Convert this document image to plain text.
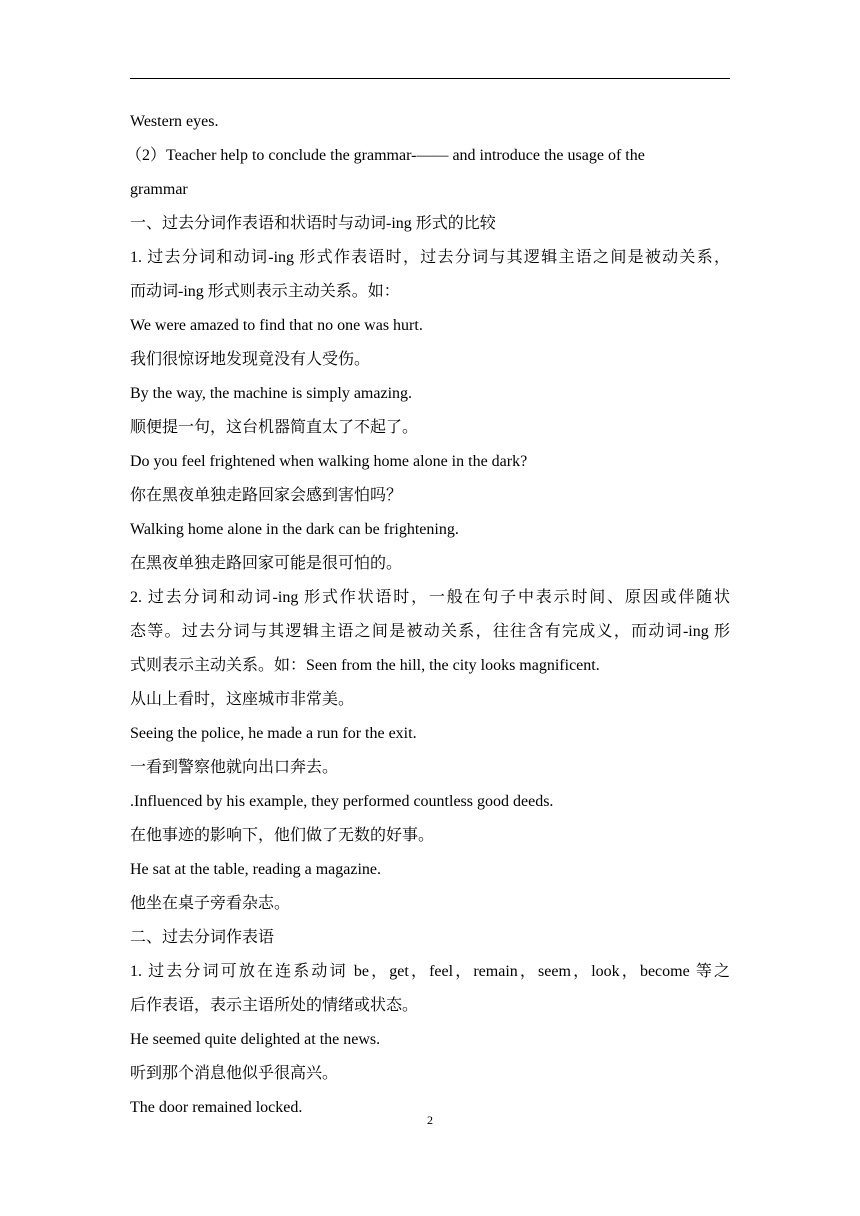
Western eyes.
（2）Teacher help to conclude the grammar-—— and introduce the usage of the
grammar
一、过去分词作表语和状语时与动词-ing 形式的比较
1. 过去分词和动词-ing 形式作表语时，过去分词与其逻辑主语之间是被动关系，
而动词-ing 形式则表示主动关系。如：
We were amazed to find that no one was hurt.
我们很惊讶地发现竟没有人受伤。
By the way, the machine is simply amazing.
顺便提一句，这台机器简直太了不起了。
Do you feel frightened when walking home alone in the dark?
你在黑夜单独走路回家会感到害怕吗？
Walking home alone in the dark can be frightening.
在黑夜单独走路回家可能是很可怕的。
2. 过去分词和动词-ing 形式作状语时，一般在句子中表示时间、原因或伴随状
态等。过去分词与其逻辑主语之间是被动关系，往往含有完成义，而动词-ing 形
式则表示主动关系。如：Seen from the hill, the city looks magnificent.
从山上看时，这座城市非常美。
Seeing the police, he made a run for the exit.
一看到警察他就向出口奔去。
.Influenced by his example, they performed countless good deeds.
在他事迹的影响下，他们做了无数的好事。
He sat at the table, reading a magazine.
他坐在桌子旁看杂志。
二、过去分词作表语
1. 过去分词可放在连系动词 be，get，feel，remain，seem，look，become 等之
后作表语，表示主语所处的情绪或状态。
He seemed quite delighted at the news.
听到那个消息他似乎很高兴。
The door remained locked.
2
